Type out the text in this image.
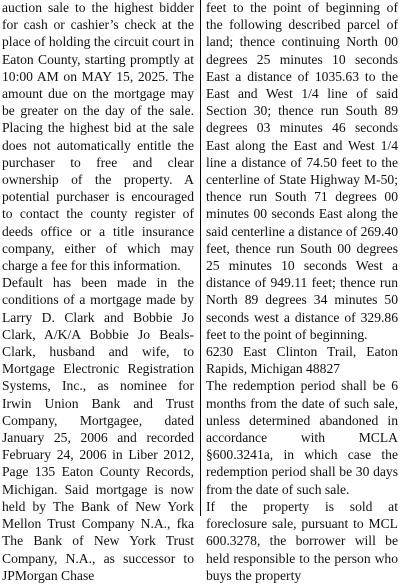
auction sale to the highest bidder for cash or cashier’s check at the place of holding the circuit court in Eaton County, starting promptly at 10:00 AM on MAY 15, 2025. The amount due on the mortgage may be greater on the day of the sale. Placing the highest bid at the sale does not automatically entitle the purchaser to free and clear ownership of the property. A potential purchaser is encouraged to contact the county register of deeds office or a title insurance company, either of which may charge a fee for this information.

Default has been made in the conditions of a mortgage made by Larry D. Clark and Bobbie Jo Clark, A/K/A Bobbie Jo Beals-Clark, husband and wife, to Mortgage Electronic Registration Systems, Inc., as nominee for Irwin Union Bank and Trust Company, Mortgagee, dated January 25, 2006 and recorded February 24, 2006 in Liber 2012, Page 135 Eaton County Records, Michigan. Said mortgage is now held by The Bank of New York Mellon Trust Company N.A., fka The Bank of New York Trust Company, N.A., as successor to JPMorgan Chase

feet to the point of beginning of the following described parcel of land; thence continuing North 00 degrees 25 minutes 10 seconds East a distance of 1035.63 to the East and West 1/4 line of said Section 30; thence run South 89 degrees 03 minutes 46 seconds East along the East and West 1/4 line a distance of 74.50 feet to the centerline of State Highway M-50; thence run South 71 degrees 00 minutes 00 seconds East along the said centerline a distance of 269.40 feet, thence run South 00 degrees 25 minutes 10 seconds West a distance of 949.11 feet; thence run North 89 degrees 34 minutes 50 seconds west a distance of 329.86 feet to the point of beginning.

6230 East Clinton Trail, Eaton Rapids, Michigan 48827

The redemption period shall be 6 months from the date of such sale, unless determined abandoned in accordance with MCLA §600.3241a, in which case the redemption period shall be 30 days from the date of such sale.

If the property is sold at foreclosure sale, pursuant to MCL 600.3278, the borrower will be held responsible to the person who buys the property
